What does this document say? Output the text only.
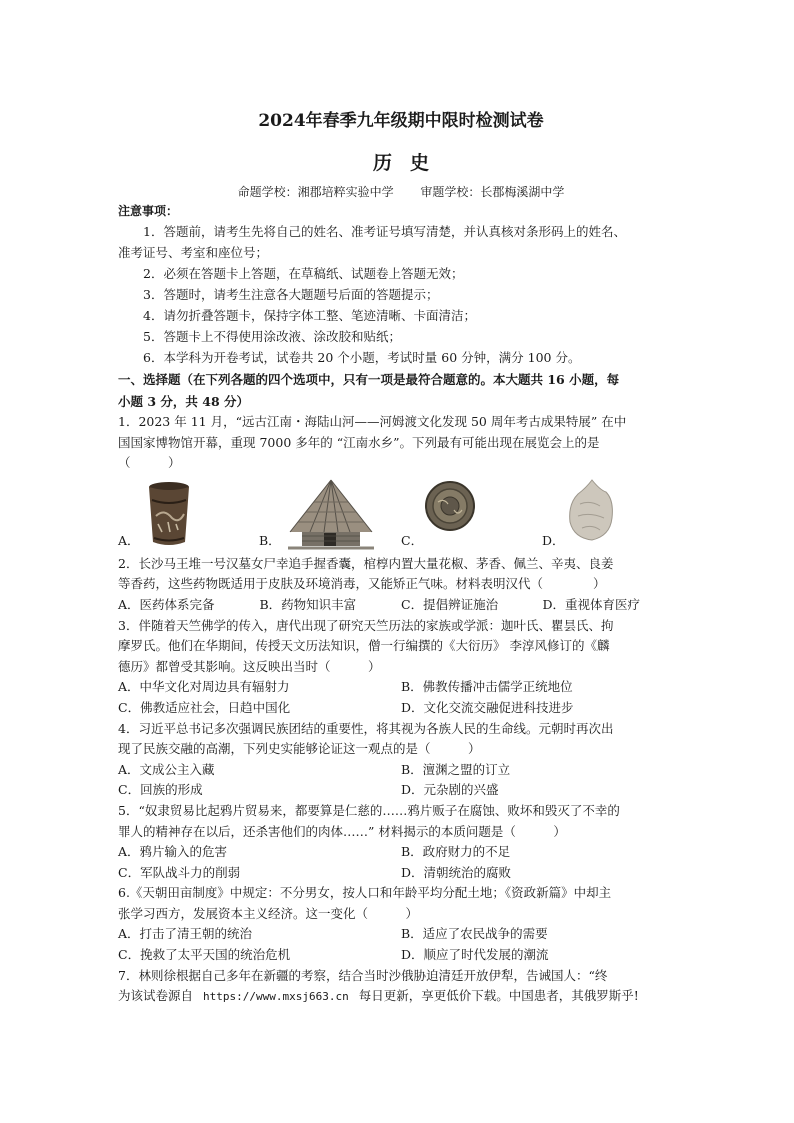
2024年春季九年级期中限时检测试卷
历史
命题学校：湘郡培粹实验中学 审题学校：长郡梅溪湖中学
注意事项：
1．答题前，请考生先将自己的姓名、准考证号填写清楚，并认真核对条形码上的姓名、
准考证号、考室和座位号；
2．必须在答题卡上答题，在草稿纸、试题卷上答题无效；
3．答题时，请考生注意各大题题号后面的答题提示；
4．请勿折叠答题卡，保持字体工整、笔迹清晰、卡面清洁；
5．答题卡上不得使用涂改液、涂改胶和贴纸；
6．本学科为开卷考试，试卷共 20 个小题，考试时量 60 分钟，满分 100 分。
一、选择题（在下列各题的四个选项中，只有一项是最符合题意的。本大题共 16 小题，每
小题 3 分，共 48 分）
1．2023 年 11 月，“远古江南・海陆山河——河姆渡文化发现 50 周年考古成果特展” 在中
国国家博物馆开幕，重现 7000 多年的 “江南水乡”。下列最有可能出现在展览会上的是
（　　　）
A．	B．	C．	D．
2．长沙马王堆一号汉墓女尸幸追手握香囊，棺椁内置大量花椒、茅香、佩兰、辛夷、良姜
等香药，这些药物既适用于皮肤及环境消毒，又能矫正气味。材料表明汉代（　　　　）
A．医药体系完备	B．药物知识丰富	C．提倡辨证施治	D．重视体育医疗
3．伴随着天竺佛学的传入，唐代出现了研究天竺历法的家族或学派：迦叶氏、瞿昙氏、拘
摩罗氏。他们在华期间，传授天文历法知识，僧一行编撰的《大衍历》 李淳风修订的《麟
德历》都曾受其影响。这反映出当时（　　　）
A．中华文化对周边具有辐射力	B．佛教传播冲击儒学正统地位
C．佛教适应社会，日趋中国化	D．文化交流交融促进科技进步
4．习近平总书记多次强调民族团结的重要性，将其视为各族人民的生命线。元朝时再次出
现了民族交融的高潮，下列史实能够论证这一观点的是（　　　）
A．文成公主入藏	B．澶渊之盟的订立
C．回族的形成	D．元杂剧的兴盛
5．“奴隶贸易比起鸦片贸易来，都要算是仁慈的……鸦片贩子在腐蚀、败坏和毁灭了不幸的
罪人的精神存在以后，还杀害他们的肉体……” 材料揭示的本质问题是（　　　）
A．鸦片输入的危害	B．政府财力的不足
C．军队战斗力的削弱	D．清朝统治的腐败
6.《天朝田亩制度》中规定：不分男女，按人口和年龄平均分配土地；《资政新篇》中却主
张学习西方，发展资本主义经济。这一变化（　　　）
A．打击了清王朝的统治	B．适应了农民战争的需要
C．挽救了太平天国的统治危机	D．顺应了时代发展的潮流
7．林则徐根据自己多年在新疆的考察，结合当时沙俄胁迫清廷开放伊犁，告诫国人：“终
为该试卷源自 https://www.mxsj663.cn 每日更新，享更低价下载。中国患者，其俄罗斯乎!
